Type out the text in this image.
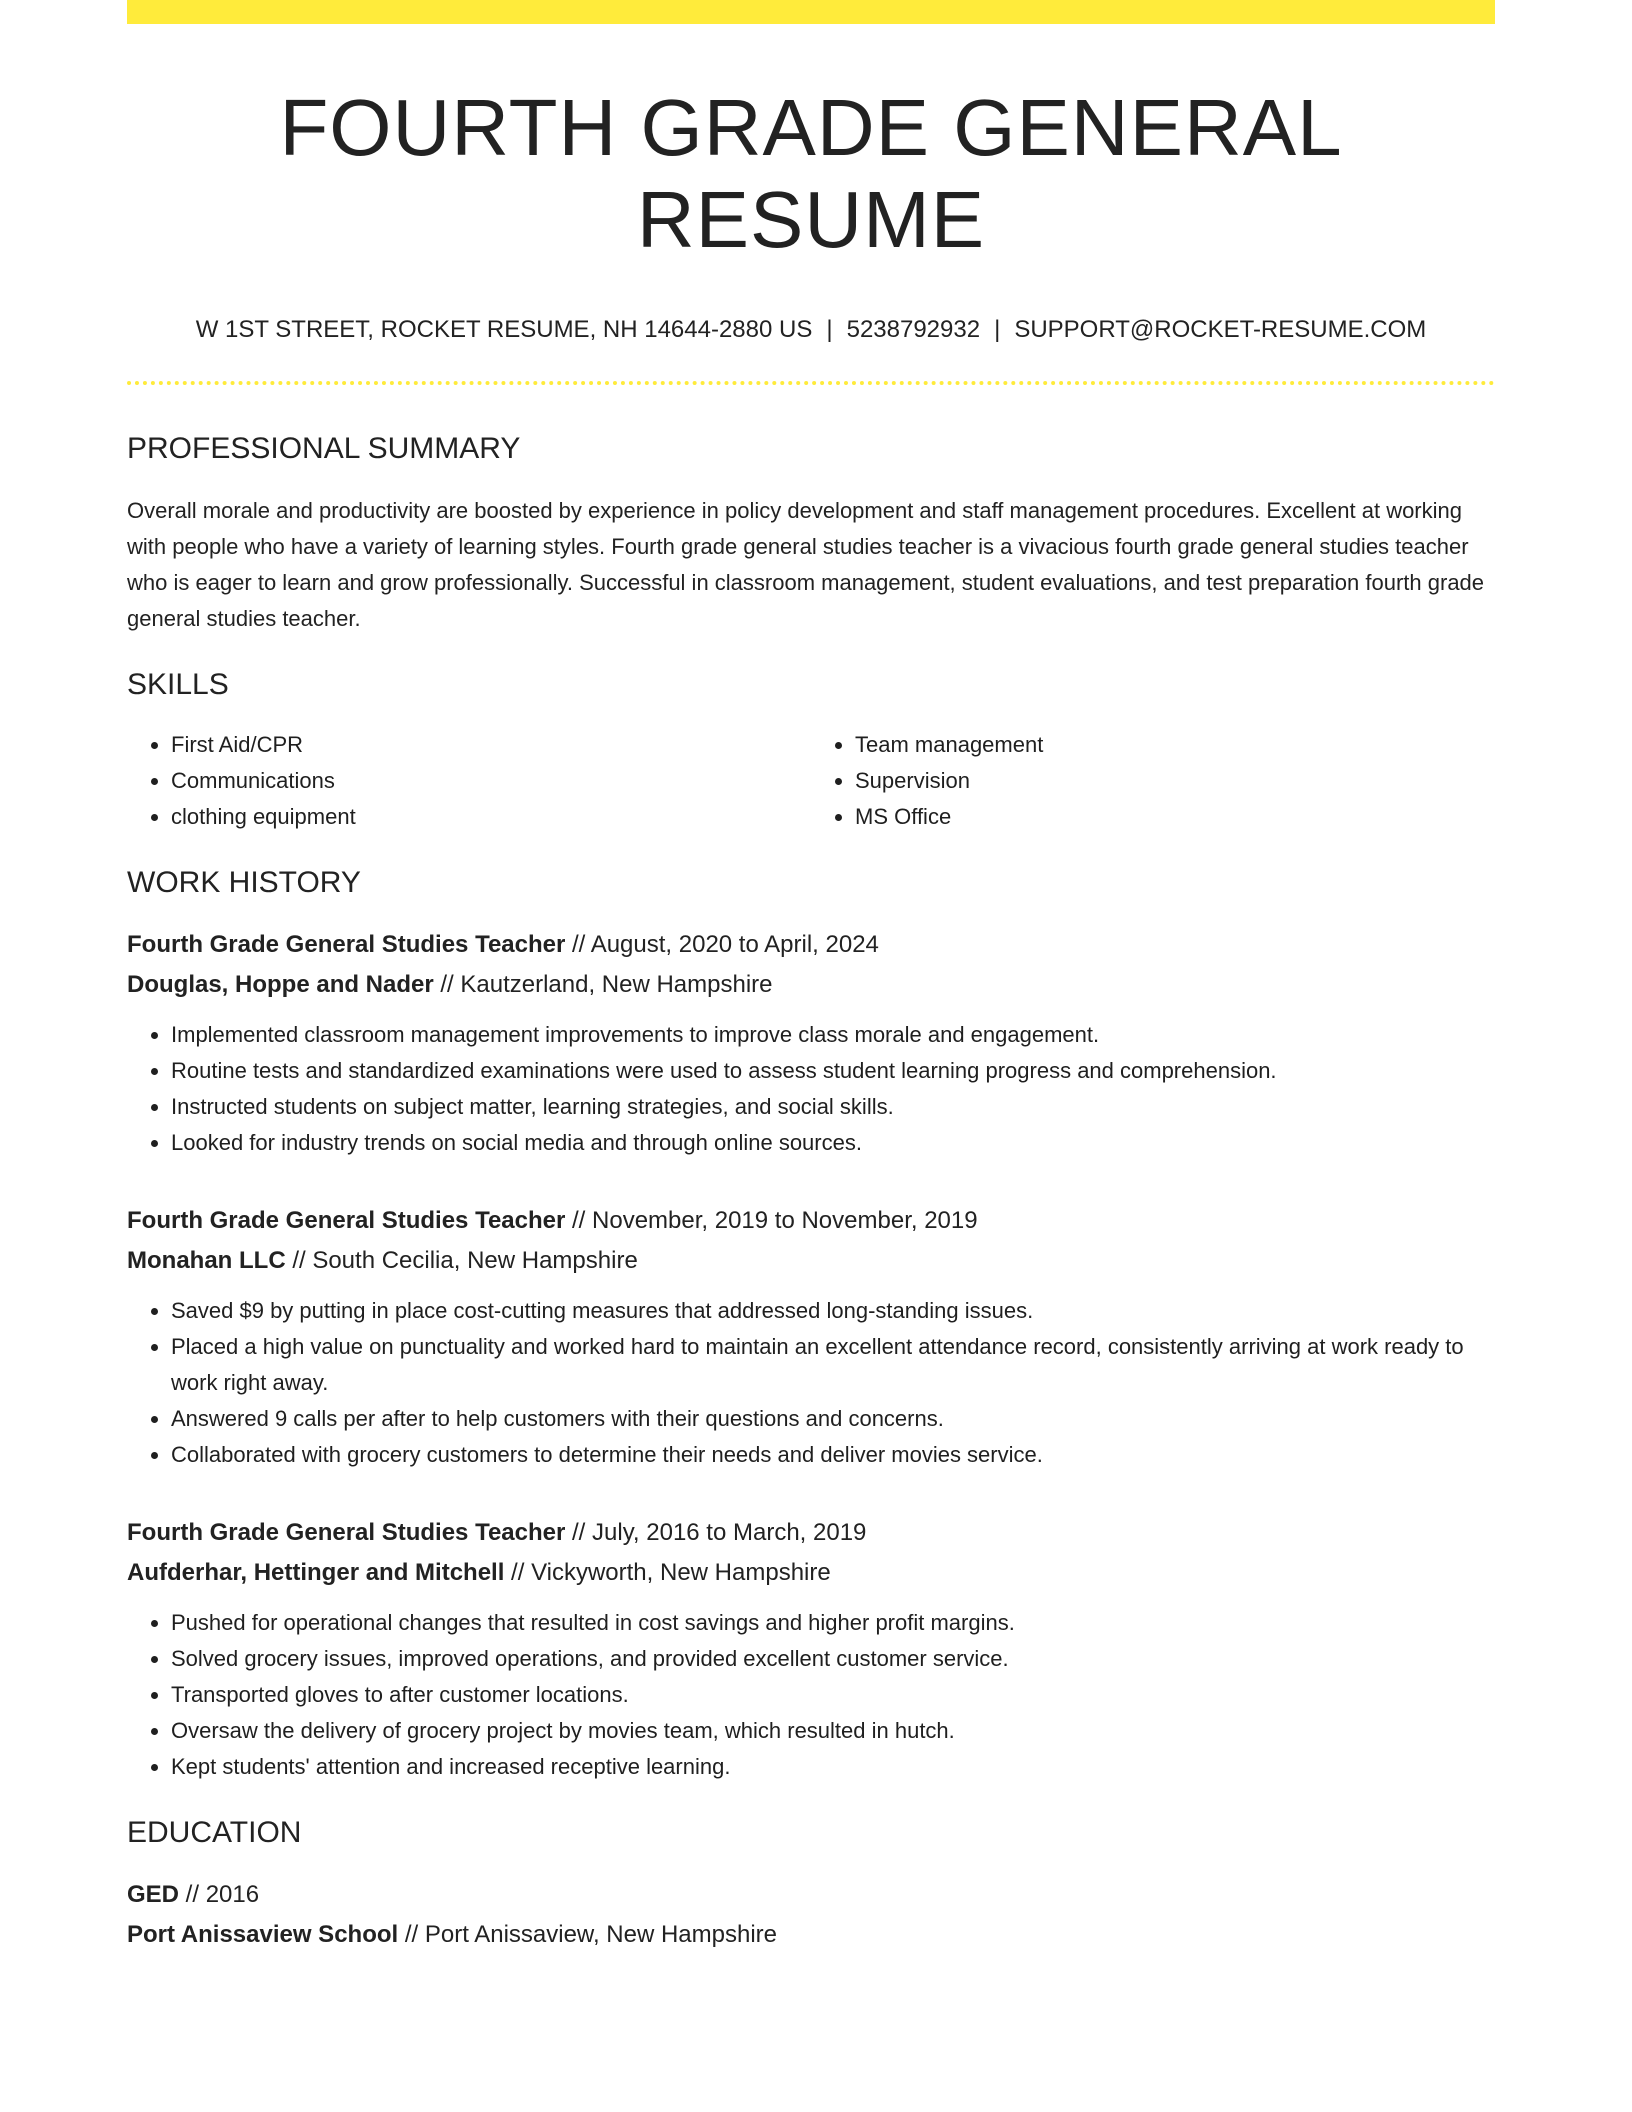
FOURTH GRADE GENERAL RESUME
W 1ST STREET, ROCKET RESUME, NH 14644-2880 US | 5238792932 | SUPPORT@ROCKET-RESUME.COM
PROFESSIONAL SUMMARY

Overall morale and productivity are boosted by experience in policy development and staff management procedures. Excellent at working with people who have a variety of learning styles. Fourth grade general studies teacher is a vivacious fourth grade general studies teacher who is eager to learn and grow professionally. Successful in classroom management, student evaluations, and test preparation fourth grade general studies teacher.

SKILLS
• First Aid/CPR
• Communications
• clothing equipment
• Team management
• Supervision
• MS Office
WORK HISTORY
Fourth Grade General Studies Teacher // August, 2020 to April, 2024
Douglas, Hoppe and Nader // Kautzerland, New Hampshire
• Implemented classroom management improvements to improve class morale and engagement.
• Routine tests and standardized examinations were used to assess student learning progress and comprehension.
• Instructed students on subject matter, learning strategies, and social skills.
• Looked for industry trends on social media and through online sources.
Fourth Grade General Studies Teacher // November, 2019 to November, 2019
Monahan LLC // South Cecilia, New Hampshire
• Saved $9 by putting in place cost-cutting measures that addressed long-standing issues.
• Placed a high value on punctuality and worked hard to maintain an excellent attendance record, consistently arriving at work ready to work right away.
• Answered 9 calls per after to help customers with their questions and concerns.
• Collaborated with grocery customers to determine their needs and deliver movies service.
Fourth Grade General Studies Teacher // July, 2016 to March, 2019
Aufderhar, Hettinger and Mitchell // Vickyworth, New Hampshire
• Pushed for operational changes that resulted in cost savings and higher profit margins.
• Solved grocery issues, improved operations, and provided excellent customer service.
• Transported gloves to after customer locations.
• Oversaw the delivery of grocery project by movies team, which resulted in hutch.
• Kept students' attention and increased receptive learning.
EDUCATION
GED // 2016
Port Anissaview School // Port Anissaview, New Hampshire
